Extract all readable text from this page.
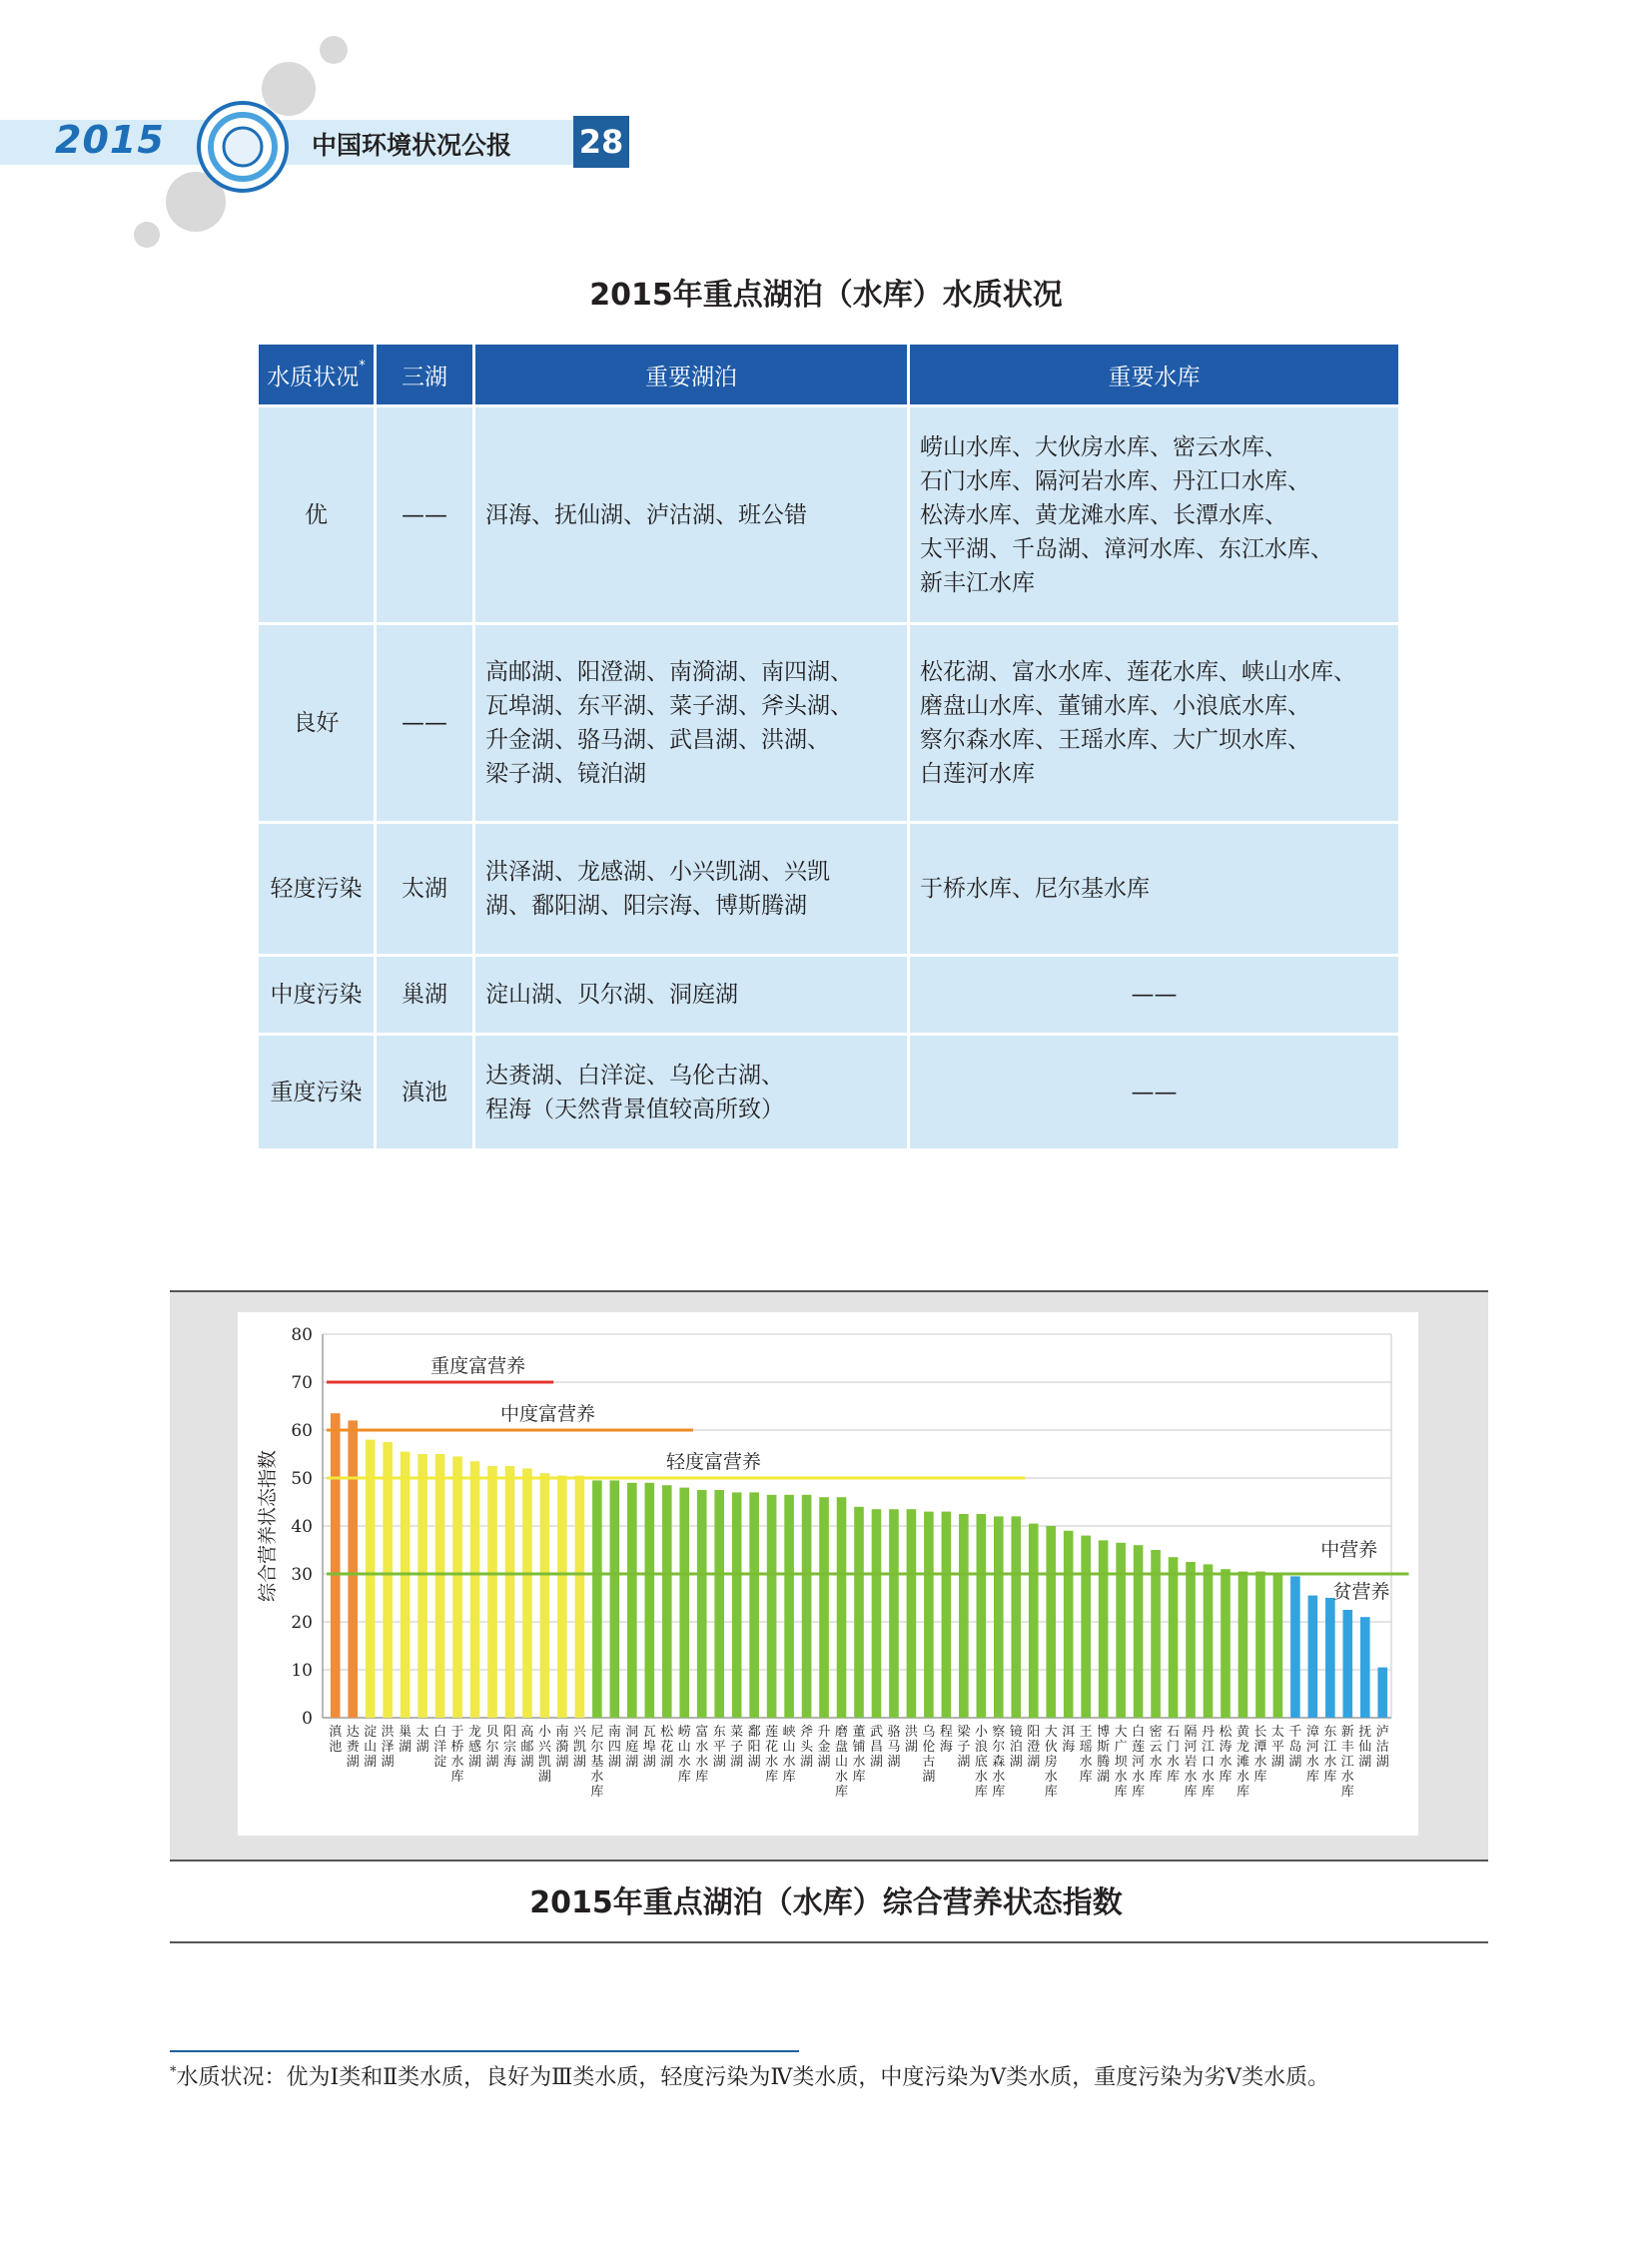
2015	中国环境状况公报 28
2015年重点湖泊（水库）水质状况
水质状况*	三湖	重要湖泊	重要水库
优	——	洱海、抚仙湖、泸沽湖、班公错	崂山水库、大伙房水库、密云水库、
石门水库、隔河岩水库、丹江口水库、
松涛水库、黄龙滩水库、长潭水库、
太平湖、千岛湖、漳河水库、东江水库、
新丰江水库
良好	——	高邮湖、阳澄湖、南漪湖、南四湖、
瓦埠湖、东平湖、菜子湖、斧头湖、
升金湖、骆马湖、武昌湖、洪湖、
梁子湖、镜泊湖	松花湖、富水水库、莲花水库、峡山水库、
磨盘山水库、董铺水库、小浪底水库、
察尔森水库、王瑶水库、大广坝水库、
白莲河水库
轻度污染	太湖	洪泽湖、龙感湖、小兴凯湖、兴凯
湖、鄱阳湖、阳宗海、博斯腾湖	于桥水库、尼尔基水库
中度污染	巢湖	淀山湖、贝尔湖、洞庭湖	——
重度污染	滇池	达赉湖、白洋淀、乌伦古湖、
程海（天然背景值较高所致）	——
0
10
20
30
40
50
60
70
80
综合营养状态指数
重度富营养
中度富营养
轻度富营养
中营养
贫营养
滇池
达赉湖
淀山湖
洪泽湖
巢湖
太湖
白洋淀
于桥水库
龙感湖
贝尔湖
阳宗海
高邮湖
小兴凯湖
南漪湖
兴凯湖
尼尔基水库
南四湖
洞庭湖
瓦埠湖
松花湖
崂山水库
富水水库
东平湖
菜子湖
鄱阳湖
莲花水库
峡山水库
斧头湖
升金湖
磨盘山水库
董铺水库
武昌湖
骆马湖
洪湖
乌伦古湖
程海
梁子湖
小浪底水库
察尔森水库
镜泊湖
阳澄湖
大伙房水库
洱海
王瑶水库
博斯腾湖
大广坝水库
白莲河水库
密云水库
石门水库
隔河岩水库
丹江口水库
松涛水库
黄龙滩水库
长潭水库
太平湖
千岛湖
漳河水库
东江水库
新丰江水库
抚仙湖
泸沽湖
2015年重点湖泊（水库）综合营养状态指数
*水质状况：优为Ⅰ类和Ⅱ类水质，良好为Ⅲ类水质，轻度污染为Ⅳ类水质，中度污染为Ⅴ类水质，重度污染为劣Ⅴ类水质。
